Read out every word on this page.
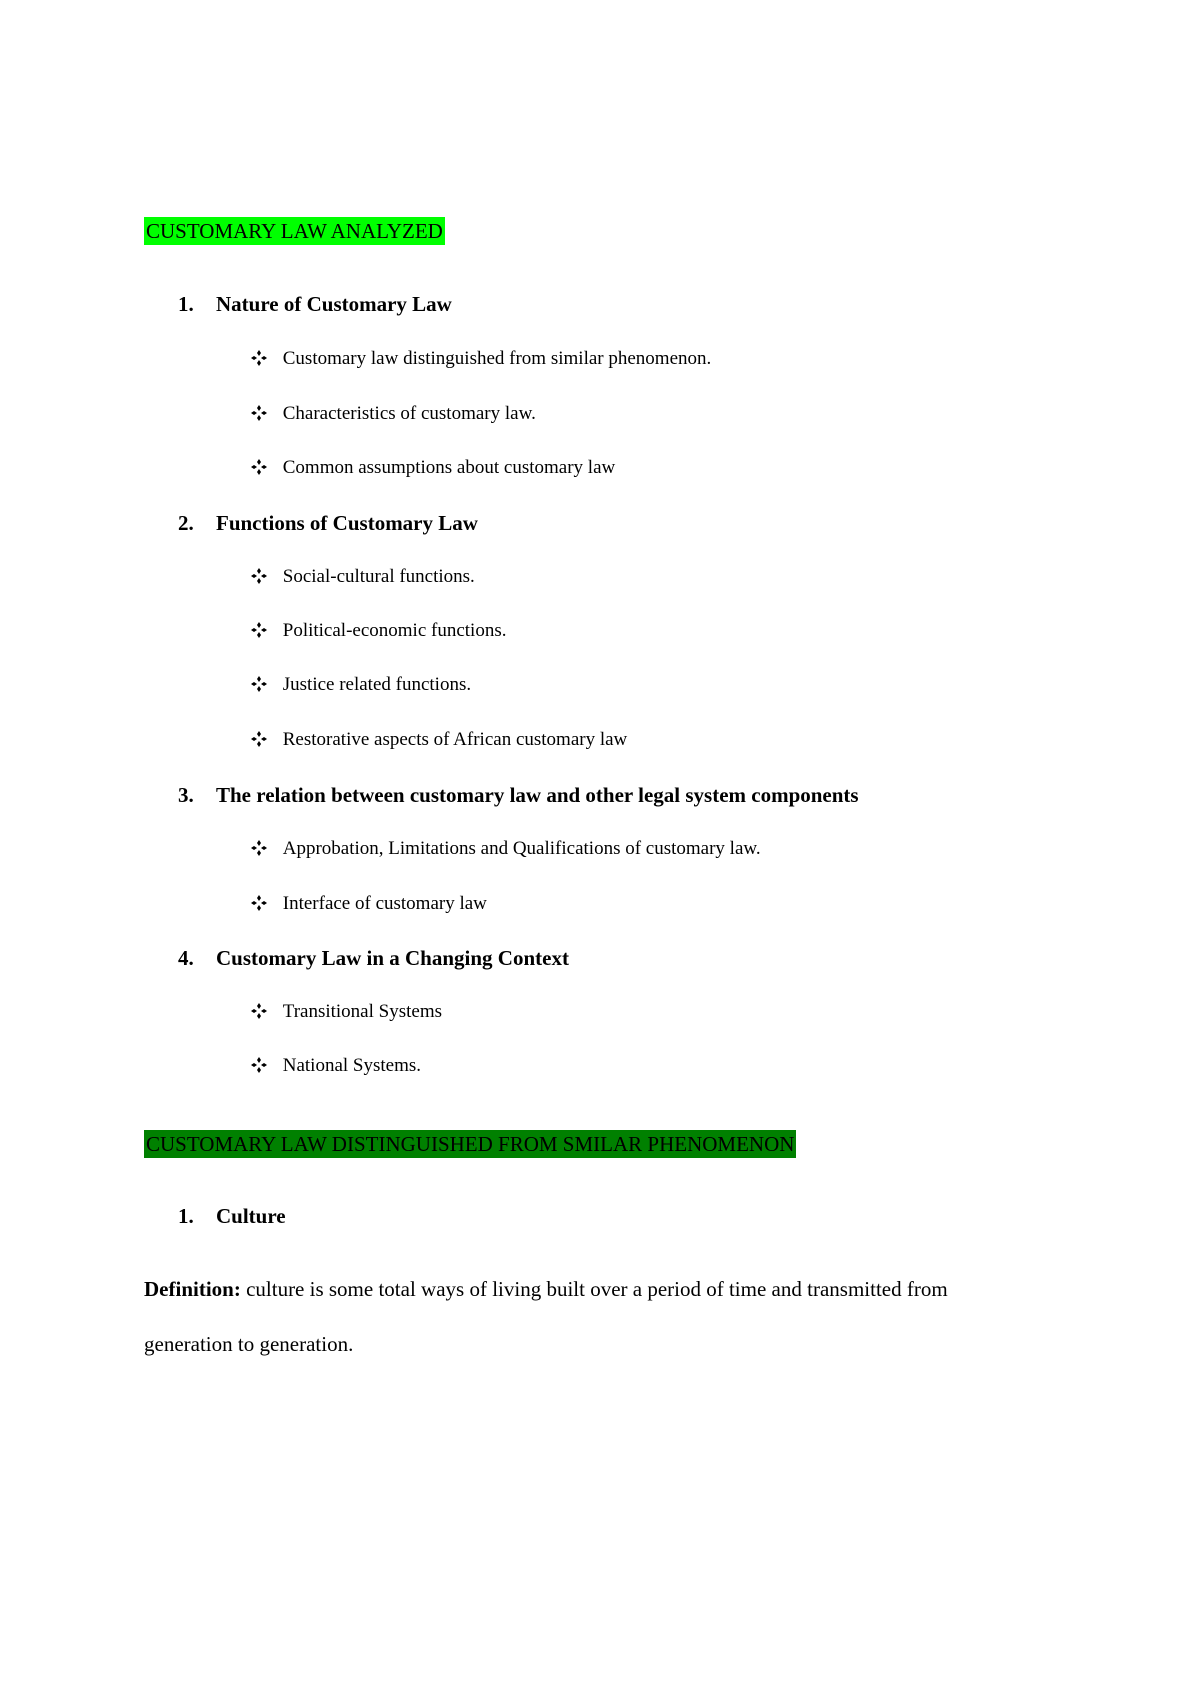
CUSTOMARY LAW ANALYZED
1. Nature of Customary Law
Customary law distinguished from similar phenomenon.
Characteristics of customary law.
Common assumptions about customary law
2. Functions of Customary Law
Social-cultural functions.
Political-economic functions.
Justice related functions.
Restorative aspects of African customary law
3. The relation between customary law and other legal system components
Approbation, Limitations and Qualifications of customary law.
Interface of customary law
4. Customary Law in a Changing Context
Transitional Systems
National Systems.
CUSTOMARY LAW DISTINGUISHED FROM SMILAR PHENOMENON
1. Culture
Definition: culture is some total ways of living built over a period of time and transmitted from
generation to generation.
